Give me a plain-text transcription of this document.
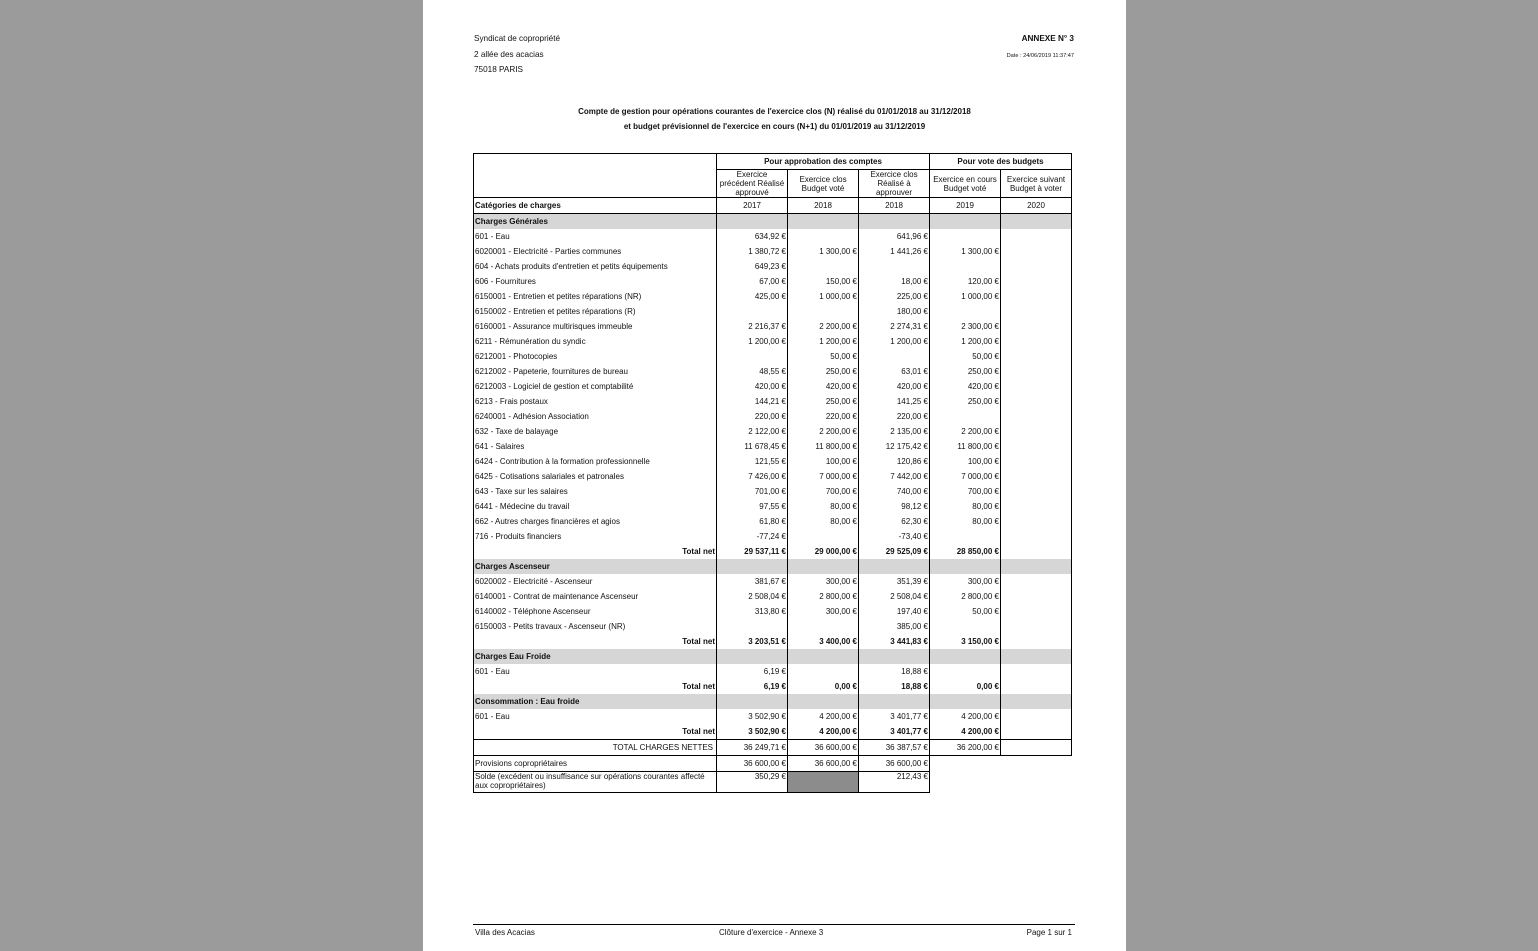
Syndicat de copropriété
2 allée des acacias
75018 PARIS
ANNEXE N° 3
Date : 24/06/2019 11:37:47
Compte de gestion pour opérations courantes de l'exercice clos (N) réalisé du 01/01/2018 au 31/12/2018
et budget prévisionnel de l'exercice en cours (N+1) du 01/01/2019 au 31/12/2019
	Pour approbation des comptes			Pour vote des budgets	
	Exercice précédent Réalisé approuvé	Exercice clos Budget voté	Exercice clos Réalisé à approuver	Exercice en cours Budget voté	Exercice suivant Budget à voter
Catégories de charges	2017	2018	2018	2019	2020
Charges Générales					
601 - Eau	634,92 €		641,96 €		
6020001 - Electricité - Parties communes	1 380,72 €	1 300,00 €	1 441,26 €	1 300,00 €	
604 - Achats produits d'entretien et petits équipements	649,23 €				
606 - Fournitures	67,00 €	150,00 €	18,00 €	120,00 €	
6150001 - Entretien et petites réparations (NR)	425,00 €	1 000,00 €	225,00 €	1 000,00 €	
6150002 - Entretien et petites réparations (R)			180,00 €		
6160001 - Assurance multirisques immeuble	2 216,37 €	2 200,00 €	2 274,31 €	2 300,00 €	
6211 - Rémunération du syndic	1 200,00 €	1 200,00 €	1 200,00 €	1 200,00 €	
6212001 - Photocopies		50,00 €		50,00 €	
6212002 - Papeterie, fournitures de bureau	48,55 €	250,00 €	63,01 €	250,00 €	
6212003 - Logiciel de gestion et comptabilité	420,00 €	420,00 €	420,00 €	420,00 €	
6213 - Frais postaux	144,21 €	250,00 €	141,25 €	250,00 €	
6240001 - Adhésion Association	220,00 €	220,00 €	220,00 €		
632 - Taxe de balayage	2 122,00 €	2 200,00 €	2 135,00 €	2 200,00 €	
641 - Salaires	11 678,45 €	11 800,00 €	12 175,42 €	11 800,00 €	
6424 - Contribution à la formation professionnelle	121,55 €	100,00 €	120,86 €	100,00 €	
6425 - Cotisations salariales et patronales	7 426,00 €	7 000,00 €	7 442,00 €	7 000,00 €	
643 - Taxe sur les salaires	701,00 €	700,00 €	740,00 €	700,00 €	
6441 - Médecine du travail	97,55 €	80,00 €	98,12 €	80,00 €	
662 - Autres charges financières et agios	61,80 €	80,00 €	62,30 €	80,00 €	
716 - Produits financiers	-77,24 €		-73,40 €		
Total net	29 537,11 €	29 000,00 €	29 525,09 €	28 850,00 €	
Charges Ascenseur					
6020002 - Electricité - Ascenseur	381,67 €	300,00 €	351,39 €	300,00 €	
6140001 - Contrat de maintenance Ascenseur	2 508,04 €	2 800,00 €	2 508,04 €	2 800,00 €	
6140002 - Téléphone Ascenseur	313,80 €	300,00 €	197,40 €	50,00 €	
6150003 - Petits travaux - Ascenseur (NR)			385,00 €		
Total net	3 203,51 €	3 400,00 €	3 441,83 €	3 150,00 €	
Charges Eau Froide					
601 - Eau	6,19 €		18,88 €		
Total net	6,19 €	0,00 €	18,88 €	0,00 €	
Consommation : Eau froide					
601 - Eau	3 502,90 €	4 200,00 €	3 401,77 €	4 200,00 €	
Total net	3 502,90 €	4 200,00 €	3 401,77 €	4 200,00 €	
TOTAL CHARGES NETTES	36 249,71 €	36 600,00 €	36 387,57 €	36 200,00 €	
Provisions copropriétaires	36 600,00 €	36 600,00 €	36 600,00 €		
Solde (excédent ou insuffisance sur opérations courantes affecté aux copropriétaires)	350,29 €		212,43 €		
Villa des Acacias	Clôture d'exercice - Annexe 3	Page 1 sur 1
